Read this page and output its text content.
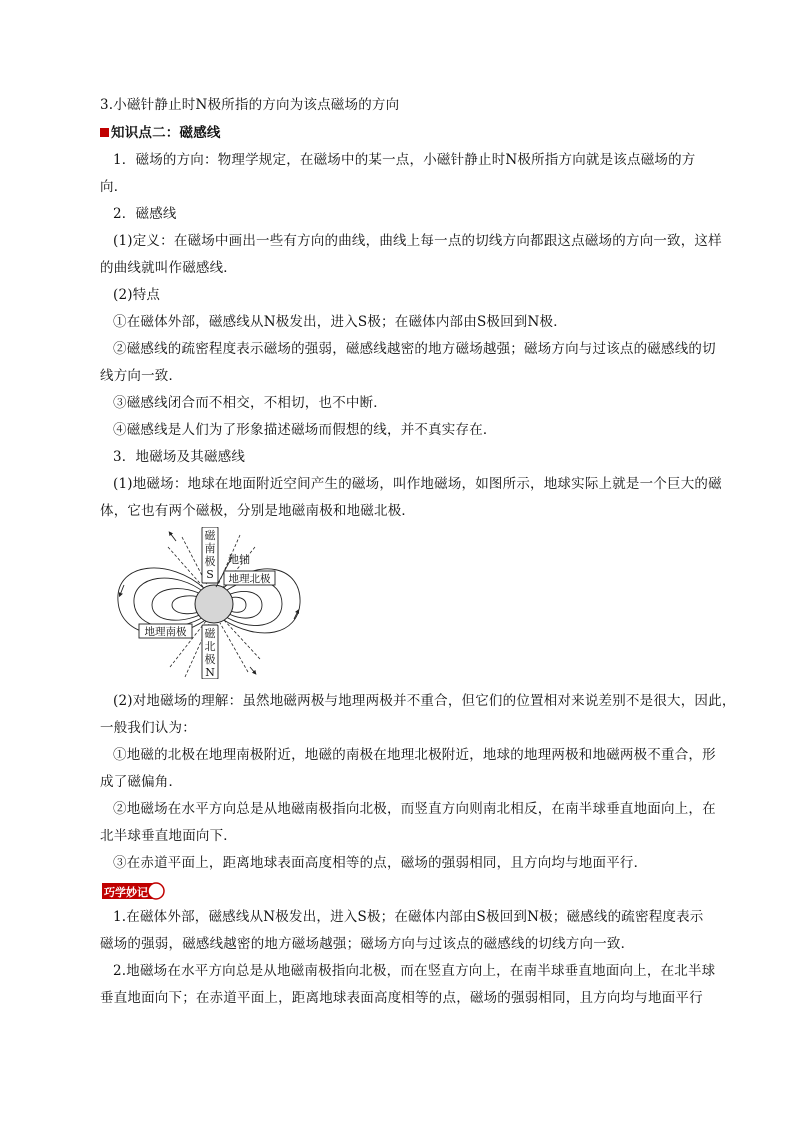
3.小磁针静止时N极所指的方向为该点磁场的方向
知识点二：磁感线
1．磁场的方向：物理学规定，在磁场中的某一点，小磁针静止时N极所指方向就是该点磁场的方
向．
2．磁感线
(1)定义：在磁场中画出一些有方向的曲线，曲线上每一点的切线方向都跟这点磁场的方向一致，这样
的曲线就叫作磁感线．
(2)特点
①在磁体外部，磁感线从N极发出，进入S极；在磁体内部由S极回到N极．
②磁感线的疏密程度表示磁场的强弱，磁感线越密的地方磁场越强；磁场方向与过该点的磁感线的切
线方向一致．
③磁感线闭合而不相交，不相切，也不中断．
④磁感线是人们为了形象描述磁场而假想的线，并不真实存在．
3．地磁场及其磁感线
(1)地磁场：地球在地面附近空间产生的磁场，叫作地磁场，如图所示，地球实际上就是一个巨大的磁
体，它也有两个磁极，分别是地磁南极和地磁北极．
磁
南
极
S
磁
北
极
N
地轴
地理北极
地理南极
(2)对地磁场的理解：虽然地磁两极与地理两极并不重合，但它们的位置相对来说差别不是很大，因此，
一般我们认为：
①地磁的北极在地理南极附近，地磁的南极在地理北极附近，地球的地理两极和地磁两极不重合，形
成了磁偏角．
②地磁场在水平方向总是从地磁南极指向北极，而竖直方向则南北相反，在南半球垂直地面向上，在
北半球垂直地面向下．
③在赤道平面上，距离地球表面高度相等的点，磁场的强弱相同，且方向均与地面平行．
巧学妙记
1.在磁体外部，磁感线从N极发出，进入S极；在磁体内部由S极回到N极；磁感线的疏密程度表示
磁场的强弱，磁感线越密的地方磁场越强；磁场方向与过该点的磁感线的切线方向一致．
2.地磁场在水平方向总是从地磁南极指向北极，而在竖直方向上，在南半球垂直地面向上，在北半球
垂直地面向下；在赤道平面上，距离地球表面高度相等的点，磁场的强弱相同，且方向均与地面平行
